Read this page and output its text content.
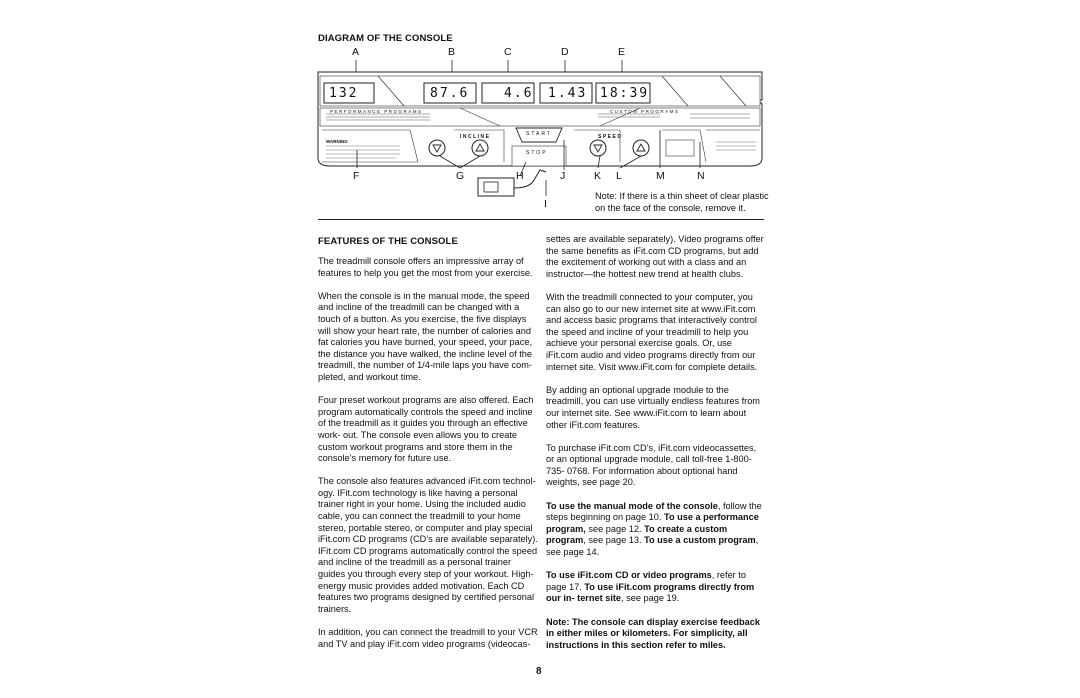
DIAGRAM OF THE CONSOLE
A	B	C	D	E
132	87.6	4.6 1.43 18:39
PERFORMANCE PROGRAMS	CUSTOM PROGRAMS
START
STOP
INCLINE	SPEED
WARNING
F	G	H	J	K L	M	N
I
Note: If there is a thin sheet of clear plastic on the face of the console, remove it.
FEATURES OF THE CONSOLE

The treadmill console offers an impressive array of features to help you get the most from your exercise.

When the console is in the manual mode, the speed and incline of the treadmill can be changed with a touch of a button. As you exercise, the five displays will show your heart rate, the number of calories and fat calories you have burned, your speed, your pace, the distance you have walked, the incline level of the treadmill, the number of 1/4-mile laps you have com- pleted, and workout time.

Four preset workout programs are also offered. Each program automatically controls the speed and incline of the treadmill as it guides you through an effective work- out. The console even allows you to create custom workout programs and store them in the console’s memory for future use.

The console also features advanced iFit.com technol- ogy. IFit.com technology is like having a personal trainer right in your home. Using the included audio cable, you can connect the treadmill to your home stereo, portable stereo, or computer and play special iFit.com CD programs (CD’s are available separately). IFit.com CD programs automatically control the speed and incline of the treadmill as a personal trainer guides you through every step of your workout. High-energy music provides added motivation. Each CD features two programs designed by certified personal trainers.

In addition, you can connect the treadmill to your VCR and TV and play iFit.com video programs (videocas-

settes are available separately). Video programs offer the same benefits as iFit.com CD programs, but add the excitement of working out with a class and an instructor—the hottest new trend at health clubs.

With the treadmill connected to your computer, you can also go to our new internet site at www.iFit.com and access basic programs that interactively control the speed and incline of your treadmill to help you achieve your personal exercise goals. Or, use iFit.com audio and video programs directly from our internet site. Visit www.iFit.com for complete details.

By adding an optional upgrade module to the treadmill, you can use virtually endless features from our internet site. See www.iFit.com to learn about other iFit.com features.

To purchase iFit.com CD’s, iFit.com videocassettes, or an optional upgrade module, call toll-free 1-800-735- 0768. For information about optional hand weights, see page 20.

To use the manual mode of the console, follow the steps beginning on page 10. To use a performance program, see page 12. To create a custom program, see page 13. To use a custom program, see page 14.

To use iFit.com CD or video programs, refer to page 17. To use iFit.com programs directly from our in- ternet site, see page 19.

Note: The console can display exercise feedback in either miles or kilometers. For simplicity, all instructions in this section refer to miles.

8
